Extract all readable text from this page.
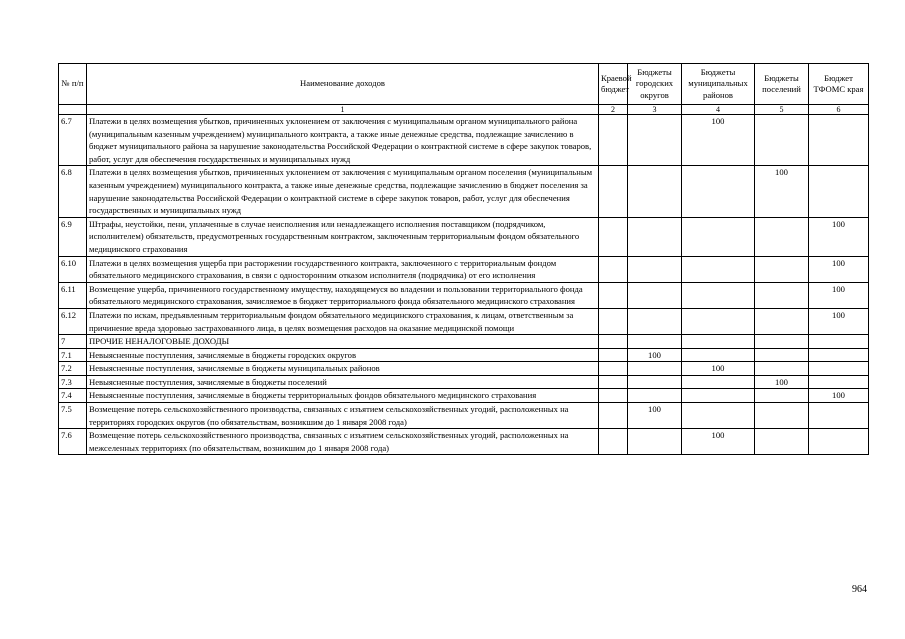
№ п/п	Наименование доходов	Краевой бюджет	Бюджеты городских округов	Бюджеты муниципальных районов	Бюджеты поселений	Бюджет ТФОМС края
	1	2	3	4	5	6
6.7	Платежи в целях возмещения убытков, причиненных уклонением от заключения с муниципальным органом муниципального района (муниципальным казенным учреждением) муниципального контракта, а также иные денежные средства, подлежащие зачислению в бюджет муниципального района за нарушение законодательства Российской Федерации о контрактной системе в сфере закупок товаров, работ, услуг для обеспечения государственных и муниципальных нужд			100		
6.8	Платежи в целях возмещения убытков, причиненных уклонением от заключения с муниципальным органом поселения (муниципальным казенным учреждением) муниципального контракта, а также иные денежные средства, подлежащие зачислению в бюджет поселения за нарушение законодательства Российской Федерации о контрактной системе в сфере закупок товаров, работ, услуг для обеспечения государственных и муниципальных нужд				100	
6.9	Штрафы, неустойки, пени, уплаченные в случае неисполнения или ненадлежащего исполнения поставщиком (подрядчиком, исполнителем) обязательств, предусмотренных государственным контрактом, заключенным территориальным фондом обязательного медицинского страхования					100
6.10	Платежи в целях возмещения ущерба при расторжении государственного контракта, заключенного с территориальным фондом обязательного медицинского страхования, в связи с односторонним отказом исполнителя (подрядчика) от его исполнения					100
6.11	Возмещение ущерба, причиненного государственному имуществу, находящемуся во владении и пользовании территориального фонда обязательного медицинского страхования, зачисляемое в бюджет территориального фонда обязательного медицинского страхования					100
6.12	Платежи по искам, предъявленным территориальным фондом обязательного медицинского страхования, к лицам, ответственным за причинение вреда здоровью застрахованного лица, в целях возмещения расходов на оказание медицинской помощи					100
7	ПРОЧИЕ НЕНАЛОГОВЫЕ ДОХОДЫ					
7.1	Невыясненные поступления, зачисляемые в бюджеты городских округов		100			
7.2	Невыясненные поступления, зачисляемые в бюджеты муниципальных районов			100		
7.3	Невыясненные поступления, зачисляемые в бюджеты поселений				100	
7.4	Невыясненные поступления, зачисляемые в бюджеты территориальных фондов обязательного медицинского страхования					100
7.5	Возмещение потерь сельскохозяйственного производства, связанных с изъятием сельскохозяйственных угодий, расположенных на территориях городских округов (по обязательствам, возникшим до 1 января 2008 года)		100			
7.6	Возмещение потерь сельскохозяйственного производства, связанных с изъятием сельскохозяйственных угодий, расположенных на межселенных территориях (по обязательствам, возникшим до 1 января 2008 года)			100		
964
